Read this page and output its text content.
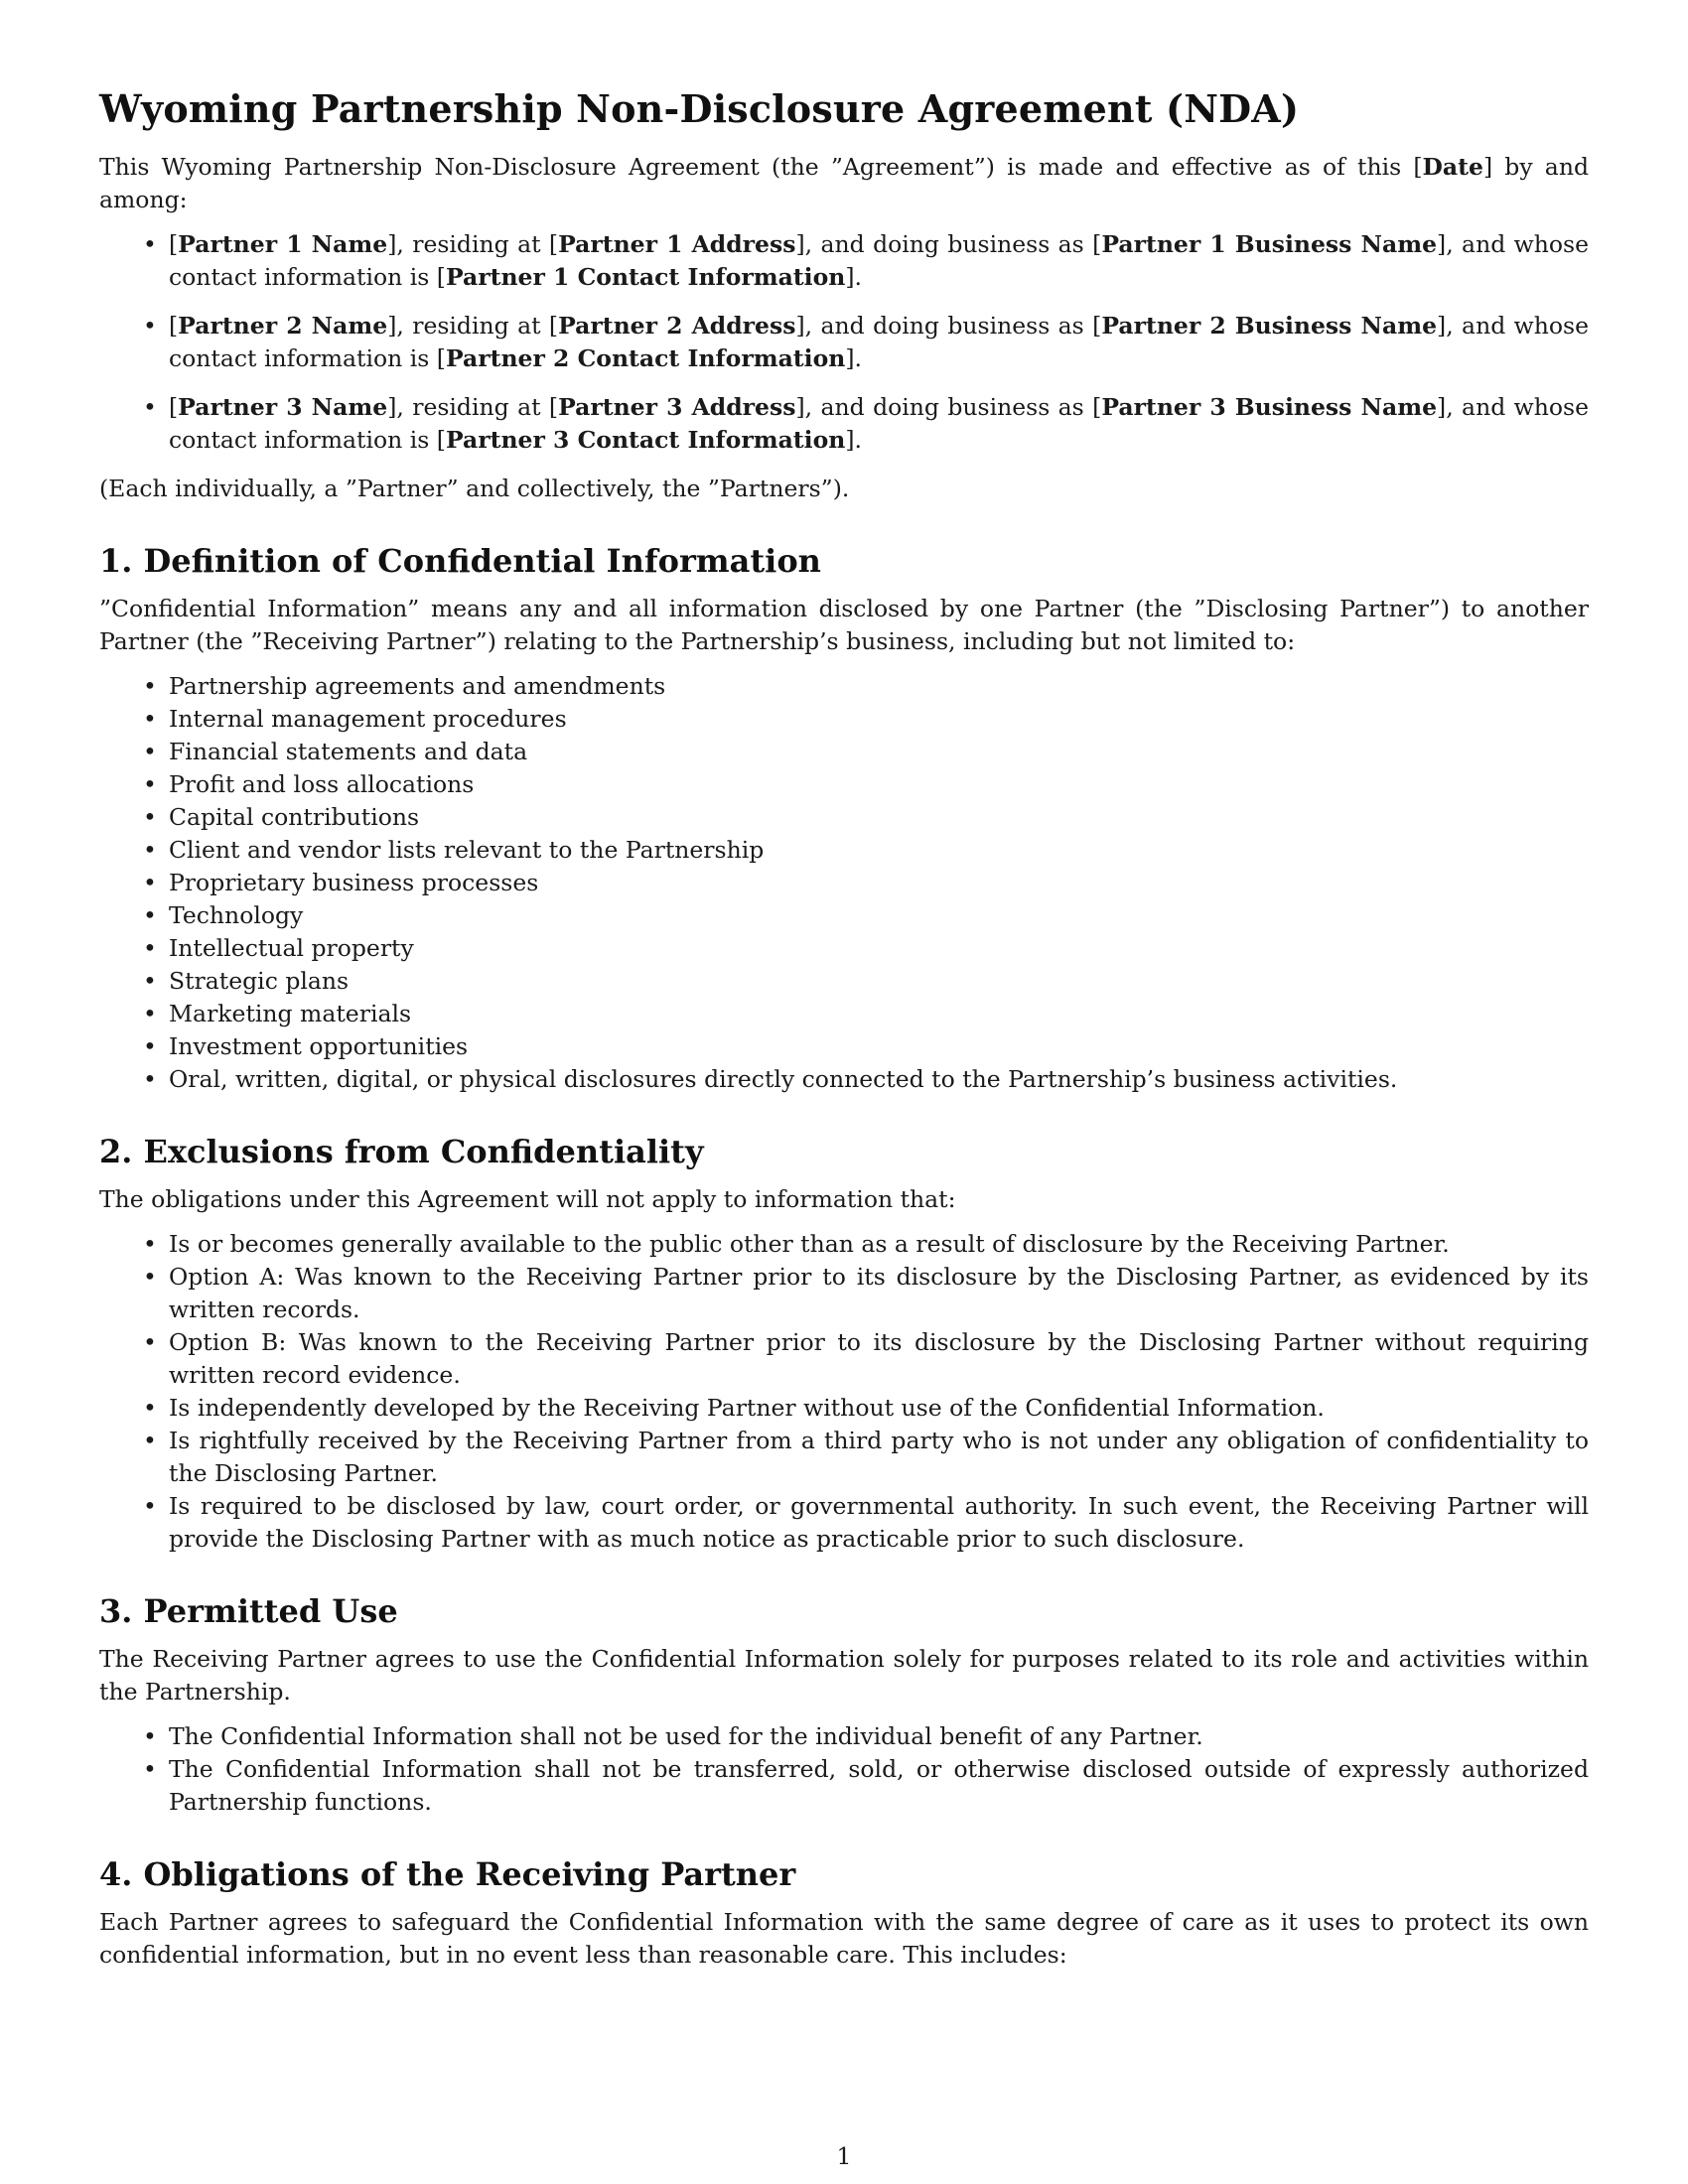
Wyoming Partnership Non-Disclosure Agreement (NDA)

This Wyoming Partnership Non-Disclosure Agreement (the ”Agreement”) is made and effective as of this [Date] by and among:

• [Partner 1 Name], residing at [Partner 1 Address], and doing business as [Partner 1 Business Name], and whose contact information is [Partner 1 Contact Information].
• [Partner 2 Name], residing at [Partner 2 Address], and doing business as [Partner 2 Business Name], and whose contact information is [Partner 2 Contact Information].
• [Partner 3 Name], residing at [Partner 3 Address], and doing business as [Partner 3 Business Name], and whose contact information is [Partner 3 Contact Information].

(Each individually, a ”Partner” and collectively, the ”Partners”).

1. Definition of Confidential Information

”Confidential Information” means any and all information disclosed by one Partner (the ”Disclosing Partner”) to another Partner (the ”Receiving Partner”) relating to the Partnership’s business, including but not limited to:

• Partnership agreements and amendments
• Internal management procedures
• Financial statements and data
• Profit and loss allocations
• Capital contributions
• Client and vendor lists relevant to the Partnership
• Proprietary business processes
• Technology
• Intellectual property
• Strategic plans
• Marketing materials
• Investment opportunities
• Oral, written, digital, or physical disclosures directly connected to the Partnership’s business activities.
2. Exclusions from Confidentiality

The obligations under this Agreement will not apply to information that:

• Is or becomes generally available to the public other than as a result of disclosure by the Receiving Partner.
• Option A: Was known to the Receiving Partner prior to its disclosure by the Disclosing Partner, as evidenced by its written records.
• Option B: Was known to the Receiving Partner prior to its disclosure by the Disclosing Partner without requiring written record evidence.
• Is independently developed by the Receiving Partner without use of the Confidential Information.
• Is rightfully received by the Receiving Partner from a third party who is not under any obligation of confidentiality to the Disclosing Partner.
• Is required to be disclosed by law, court order, or governmental authority. In such event, the Receiving Partner will provide the Disclosing Partner with as much notice as practicable prior to such disclosure.
3. Permitted Use

The Receiving Partner agrees to use the Confidential Information solely for purposes related to its role and activities within the Partnership.

• The Confidential Information shall not be used for the individual benefit of any Partner.
• The Confidential Information shall not be transferred, sold, or otherwise disclosed outside of expressly authorized Partnership functions.
4. Obligations of the Receiving Partner

Each Partner agrees to safeguard the Confidential Information with the same degree of care as it uses to protect its own confidential information, but in no event less than reasonable care. This includes:

1
